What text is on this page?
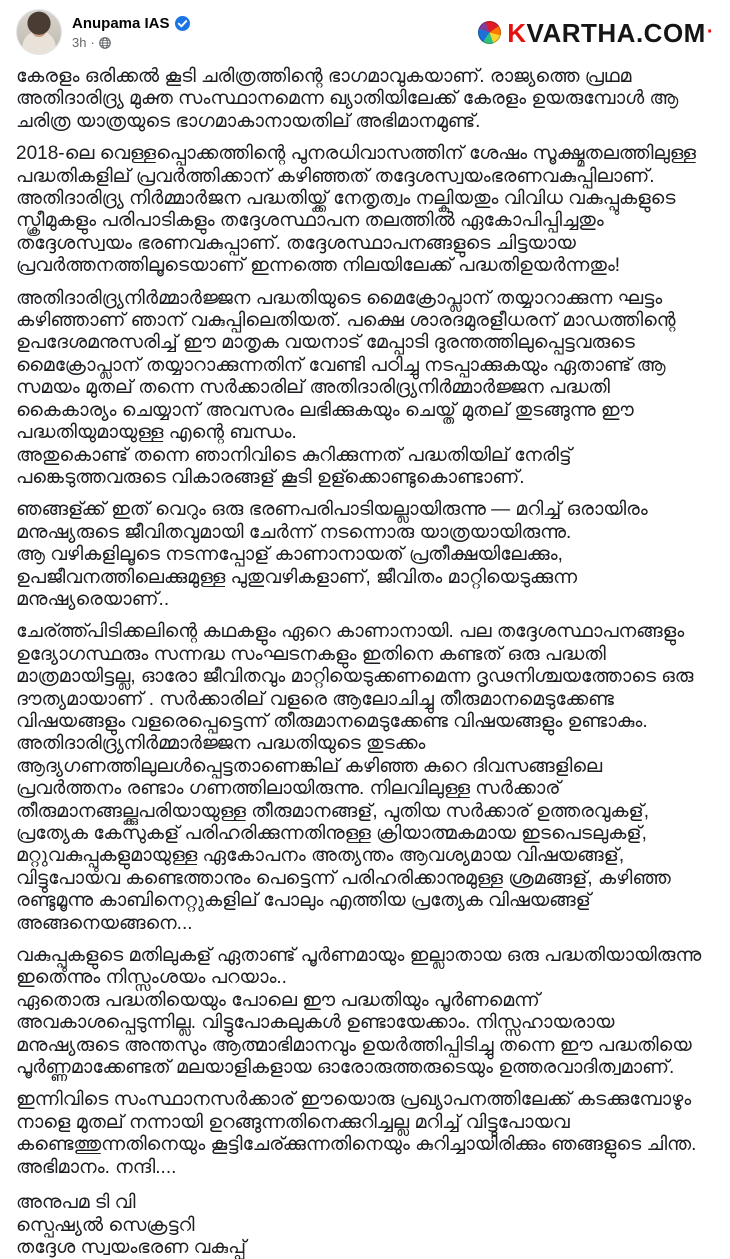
Anupama IAS
3h ·	KVARTHA.COM·

കേരളം ഒരിക്കൽ കൂടി ചരിത്രത്തിന്റെ ഭാഗമാവുകയാണ്. രാജ്യത്തെ പ്രഥമ അതിദാരിദ്ര്യ മുക്ത സംസ്ഥാനമെന്ന ഖ്യാതിയിലേക്ക് കേരളം ഉയരുമ്പോൾ ആ ചരിത്ര യാത്രയുടെ ഭാഗമാകാനായതില് അഭിമാനമുണ്ട്.

2018-ലെ വെള്ളപ്പൊക്കത്തിന്റെ പുനരധിവാസത്തിന് ശേഷം സൂക്ഷ്മതലത്തിലുള്ള പദ്ധതികളില് പ്രവർത്തിക്കാന് കഴിഞ്ഞത് തദ്ദേശസ്വയംഭരണവകുപ്പിലാണ്. അതിദാരിദ്ര്യ നിർമ്മാർജന പദ്ധതിയ്ക്ക് നേതൃത്വം നല്കിയതും വിവിധ വകുപ്പുകളുടെ സ്ക്രീമുകളും പരിപാടികളും തദ്ദേശസ്ഥാപന തലത്തിൽ ഏകോപിപ്പിച്ചതും തദ്ദേശസ്വയം ഭരണവകുപ്പാണ്. തദ്ദേശസ്ഥാപനങ്ങളുടെ ചിട്ടയായ പ്രവർത്തനത്തിലൂടെയാണ് ഇന്നത്തെ നിലയിലേക്ക് പദ്ധതിഉയർന്നതും!

അതിദാരിദ്ര്യനിർമ്മാർജ്ജന പദ്ധതിയുടെ മൈക്രോപ്ലാന് തയ്യാറാക്കുന്ന ഘട്ടം കഴിഞ്ഞാണ് ഞാന് വകുപ്പിലെതിയത്. പക്ഷെ ശാരദമുരളീധരന് മാഡത്തിന്റെ ഉപദേശമനുസരിച്ച് ഈ മാതൃക വയനാട് മേപ്പാടി ദുരന്തത്തിലുപ്പെട്ടവരുടെ മൈക്രോപ്ലാന് തയ്യാറാക്കുന്നതിന് വേണ്ടി പഠിച്ചു നടപ്പാക്കുകയും ഏതാണ്ട് ആ സമയം മുതല് തന്നെ സർക്കാരില് അതിദാരിദ്ര്യനിർമ്മാർജ്ജന പദ്ധതി കൈകാര്യം ചെയ്യാന് അവസരം ലഭിക്കുകയും ചെയ്ത് മുതല് തുടങ്ങുന്നു ഈ പദ്ധതിയുമായുള്ള എന്റെ ബന്ധം.
അതുകൊണ്ട് തന്നെ ഞാനിവിടെ കുറിക്കുന്നത് പദ്ധതിയില് നേരിട്ട് പങ്കെടുത്തവരുടെ വികാരങ്ങള് കൂടി ഉള്ക്കൊണ്ടുകൊണ്ടാണ്.

ഞങ്ങള്ക്ക് ഇത് വെറും ഒരു ഭരണപരിപാടിയല്ലായിരുന്നു — മറിച്ച് ഒരായിരം മനുഷ്യരുടെ ജീവിതവുമായി ചേർന്ന് നടന്നൊരു യാത്രയായിരുന്നു.
ആ വഴികളിലൂടെ നടന്നപ്പോള് കാണാനായത് പ്രതീക്ഷയിലേക്കും, ഉപജീവനത്തിലെക്കുമുള്ള പുതുവഴികളാണ്, ജീവിതം മാറ്റിയെടുക്കുന്ന മനുഷ്യരെയാണ്..

ചേര്ത്ത്പിടിക്കലിന്റെ കഥകളും ഏറെ കാണാനായി. പല തദ്ദേശസ്ഥാപനങ്ങളും ഉദ്യോഗസ്ഥരും സന്നദ്ധ സംഘടനകളും ഇതിനെ കണ്ടത് ഒരു പദ്ധതി മാത്രമായിട്ടല്ല, ഓരോ ജീവിതവും മാറ്റിയെടുക്കണമെന്ന ദൃഢനിശ്ചയത്തോടെ ഒരു ദൗത്യമായാണ് . സർക്കാരില് വളരെ ആലോചിച്ചു തീരുമാനമെടുക്കേണ്ട വിഷയങ്ങളും വളരെപ്പെട്ടെന്ന് തീരുമാനമെടുക്കേണ്ട വിഷയങ്ങളും ഉണ്ടാകും.
അതിദാരിദ്ര്യനിർമ്മാർജ്ജന പദ്ധതിയുടെ തുടക്കം ആദ്യഗണത്തിലുലൾപ്പെട്ടതാണെങ്കില് കഴിഞ്ഞ കുറെ ദിവസങ്ങളിലെ പ്രവർത്തനം രണ്ടാം ഗണത്തിലായിരുന്നു. നിലവിലുള്ള സർക്കാര് തീരുമാനങ്ങല്ക്കുപരിയായുള്ള തീരുമാനങ്ങള്, പുതിയ സർക്കാര് ഉത്തരവുകള്, പ്രത്യേക കേസുകള് പരിഹരിക്കുന്നതിനുള്ള ക്രിയാത്മകമായ ഇടപെടലുകള്, മറ്റുവകുപ്പുകളുമായുള്ള ഏകോപനം അത്യന്തം ആവശ്യമായ വിഷയങ്ങള്, വിട്ടുപോയവ കണ്ടെത്താനും പെട്ടെന്ന് പരിഹരിക്കാനുമുള്ള ശ്രമങ്ങള്, കഴിഞ്ഞ രണ്ടുമൂന്നു കാബിനെറ്റുകളില് പോലും എത്തിയ പ്രത്യേക വിഷയങ്ങള് അങ്ങനെയങ്ങനെ...

വകുപ്പുകളുടെ മതിലുകള് ഏതാണ്ട് പൂർണമായും ഇല്ലാതായ ഒരു പദ്ധതിയായിരുന്നു ഇതെന്നും നിസ്സംശയം പറയാം..
ഏതൊരു പദ്ധതിയെയും പോലെ ഈ പദ്ധതിയും പൂർണമെന്ന് അവകാശപ്പെടുന്നില്ല. വിട്ടുപോകലുകൾ ഉണ്ടായേക്കാം. നിസ്സഹായരായ മനുഷ്യരുടെ അന്തസും ആത്മാഭിമാനവും ഉയർത്തിപ്പിടിച്ചു തന്നെ ഈ പദ്ധതിയെ പൂർണ്ണമാക്കേണ്ടത് മലയാളികളായ ഓരോരുത്തരുടെയും ഉത്തരവാദിത്വമാണ്.

ഇന്നിവിടെ സംസ്ഥാനസർക്കാര് ഈയൊരു പ്രഖ്യാപനത്തിലേക്ക് കടക്കുമ്പോഴും നാളെ മുതല് നന്നായി ഉറങ്ങുന്നതിനെക്കുറിച്ചല്ല മറിച്ച് വിട്ടുപോയവ കണ്ടെത്തുന്നതിനെയും കൂട്ടിചേര്ക്കുന്നതിനെയും കുറിച്ചായിരിക്കും ഞങ്ങളുടെ ചിന്ത.
അഭിമാനം. നന്ദി....

അനുപമ ടി വി
സ്പെഷ്യൽ സെക്രട്ടറി
തദ്ദേശ സ്വയംഭരണ വകുപ്പ്
